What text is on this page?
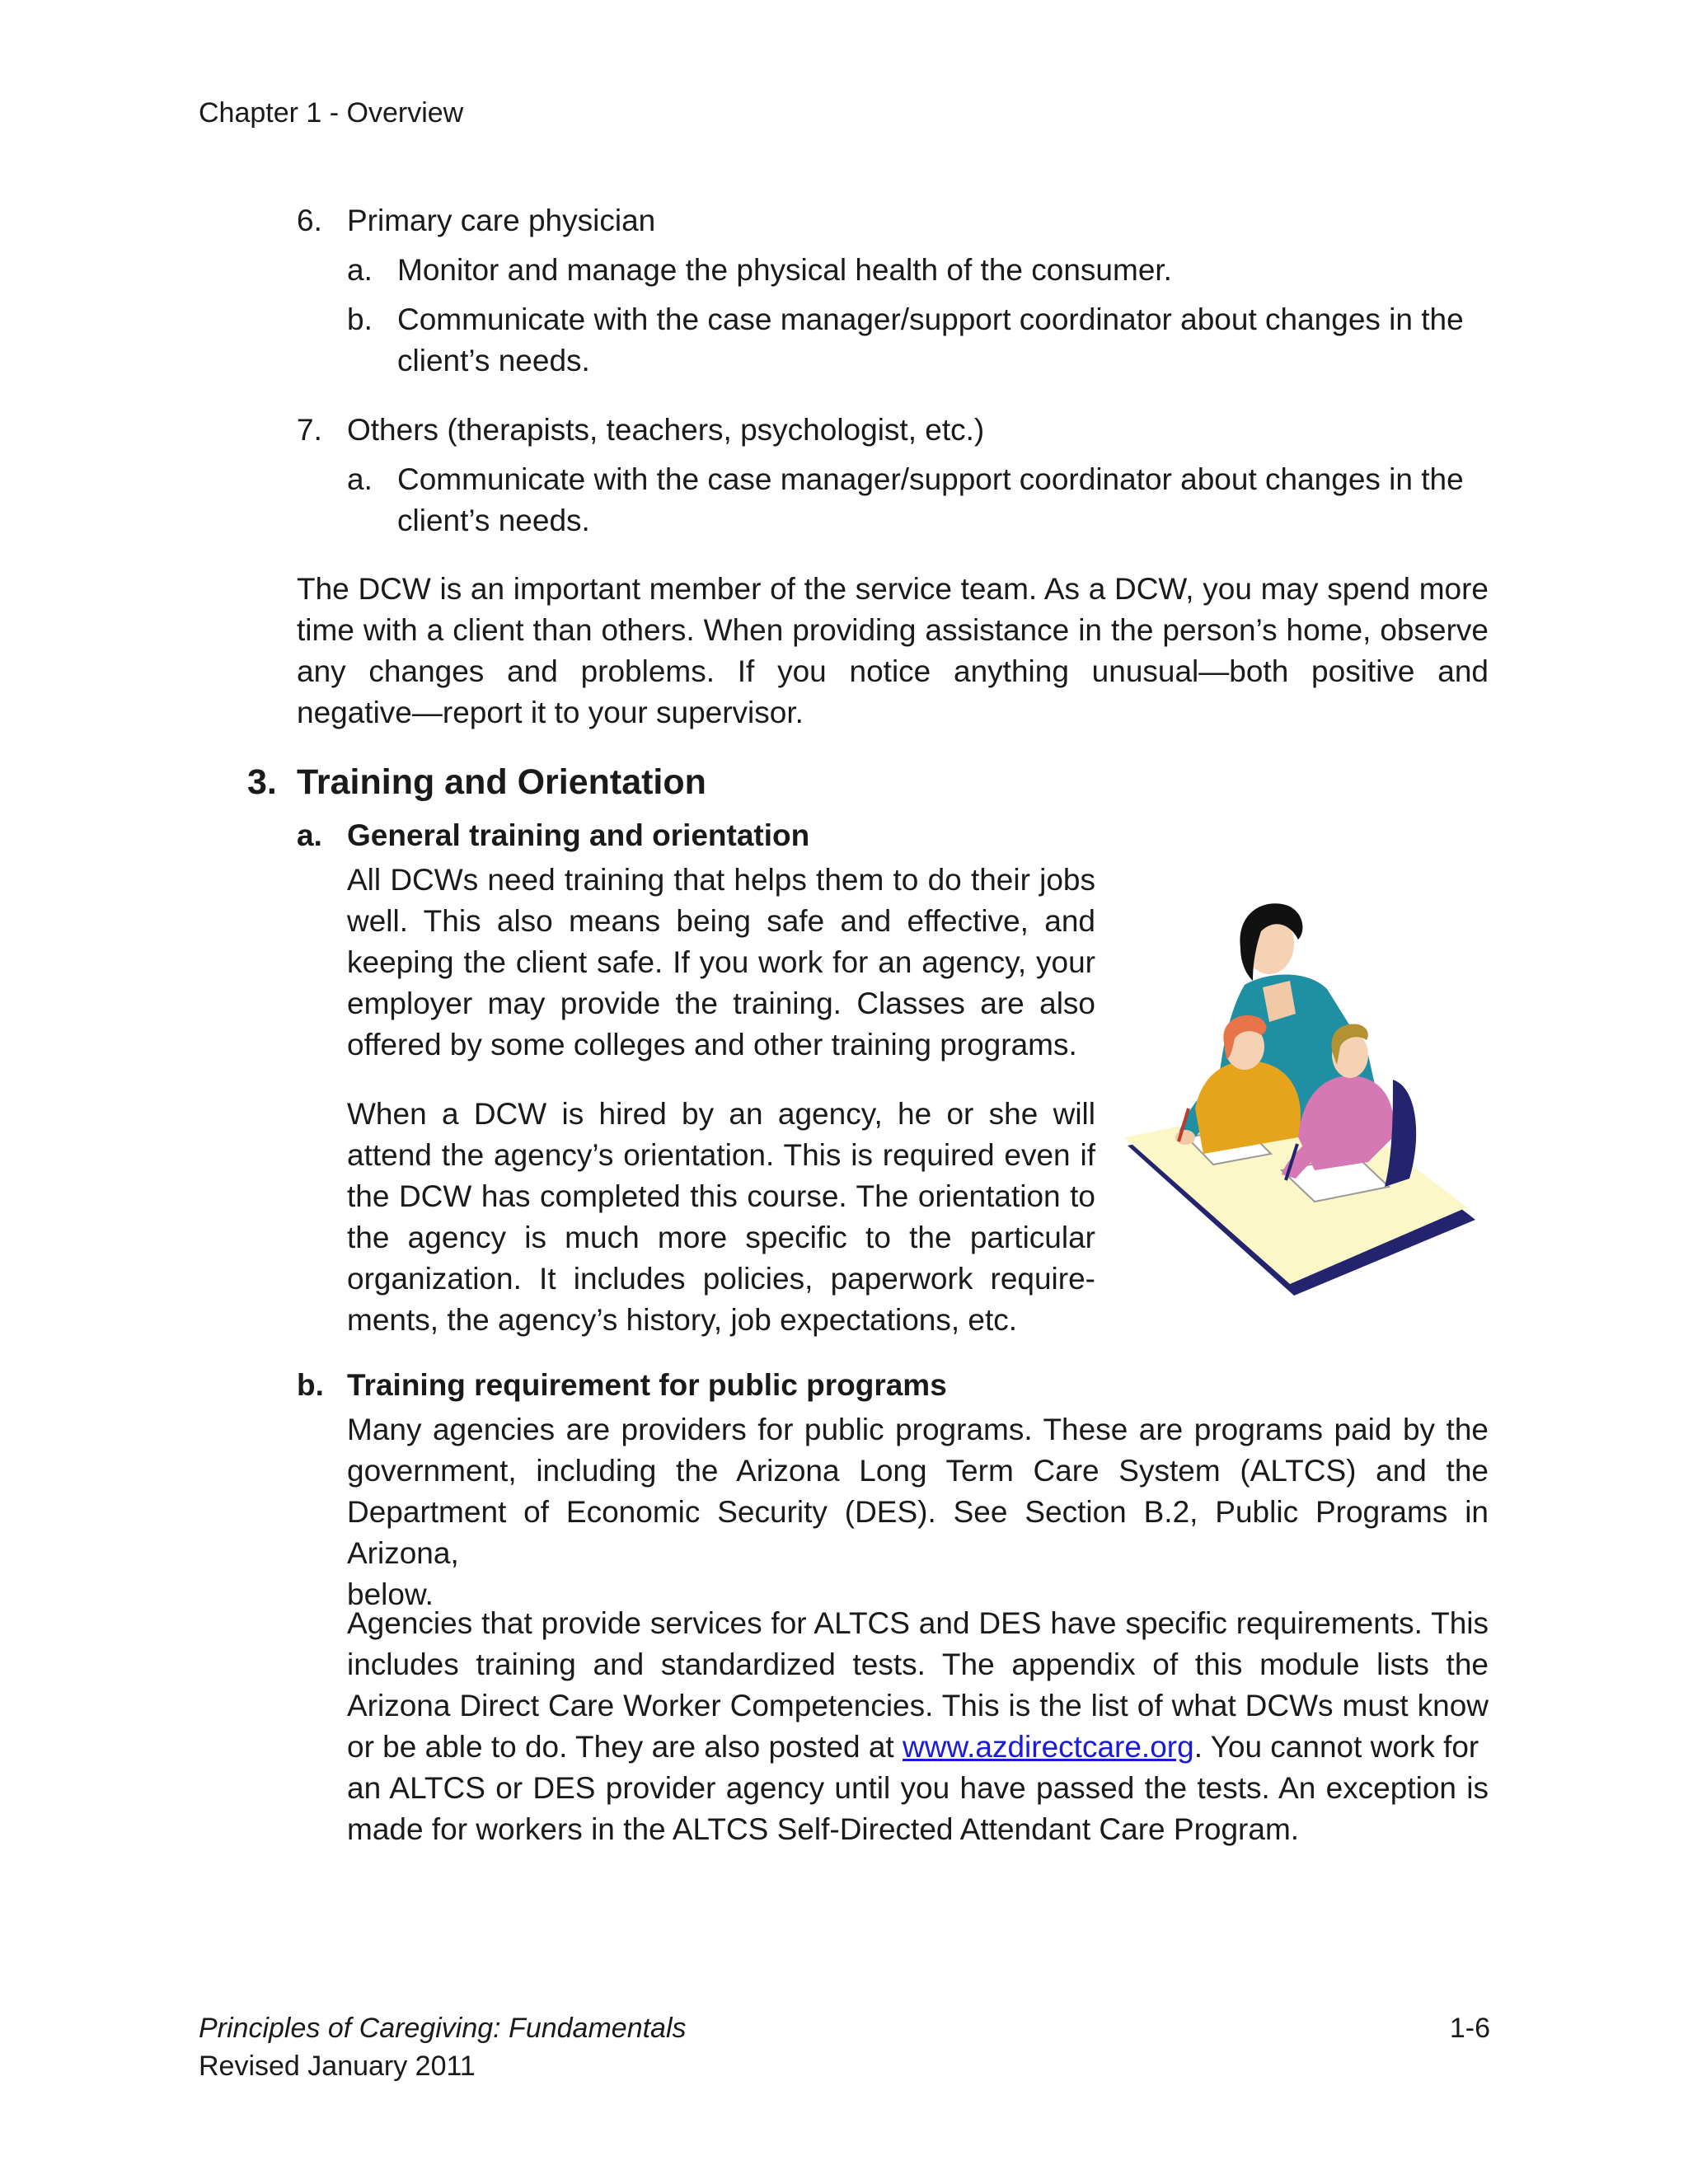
Chapter 1 - Overview
6. Primary care physician
a. Monitor and manage the physical health of the consumer.
b. Communicate with the case manager/support coordinator about changes in the
client’s needs.
7. Others (therapists, teachers, psychologist, etc.)
a. Communicate with the case manager/support coordinator about changes in the
client’s needs.
The DCW is an important member of the service team. As a DCW, you may spend more
time with a client than others. When providing assistance in the person’s home, observe
any changes and problems. If you notice anything unusual—both positive and
negative—report it to your supervisor.
3. Training and Orientation
a. General training and orientation
All DCWs need training that helps them to do their jobs
well. This also means being safe and effective, and
keeping the client safe. If you work for an agency, your
employer may provide the training. Classes are also
offered by some colleges and other training programs.
When a DCW is hired by an agency, he or she will
attend the agency’s orientation. This is required even if
the DCW has completed this course. The orientation to
the agency is much more specific to the particular
organization. It includes policies, paperwork require-
ments, the agency’s history, job expectations, etc.
b. Training requirement for public programs
Many agencies are providers for public programs. These are programs paid by the
government, including the Arizona Long Term Care System (ALTCS) and the
Department of Economic Security (DES). See Section B.2, Public Programs in Arizona,
below.
Agencies that provide services for ALTCS and DES have specific requirements. This
includes training and standardized tests. The appendix of this module lists the
Arizona Direct Care Worker Competencies. This is the list of what DCWs must know
or be able to do. They are also posted at www.azdirectcare.org. You cannot work for
an ALTCS or DES provider agency until you have passed the tests. An exception is
made for workers in the ALTCS Self-Directed Attendant Care Program.
Principles of Caregiving: Fundamentals
Revised January 2011
1-6
